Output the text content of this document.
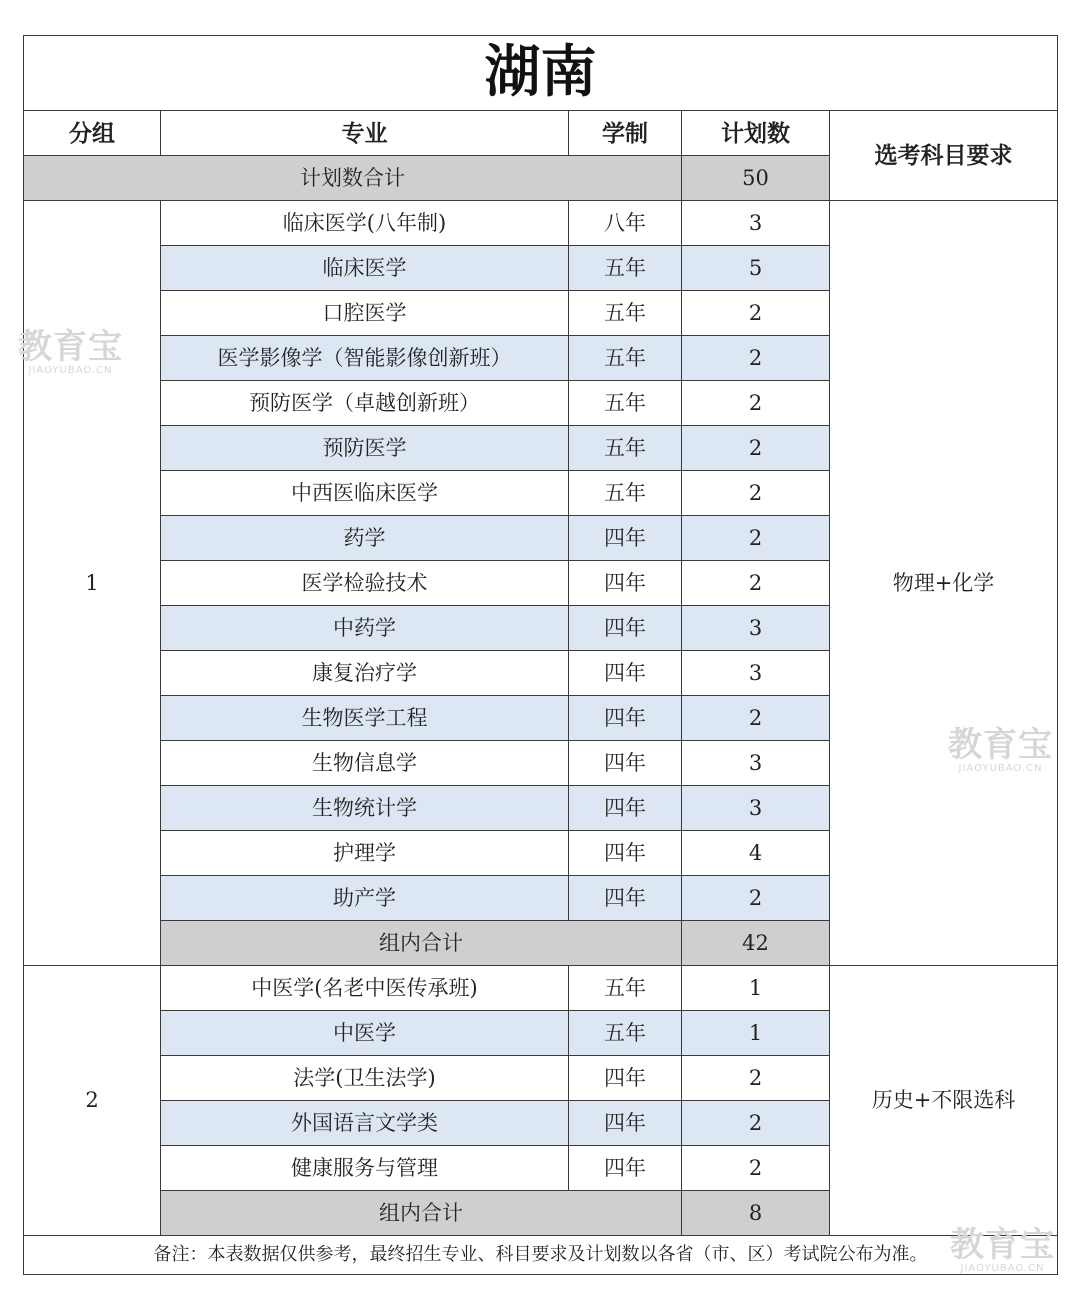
湖南				
分组	专业	学制	计划数	选考科目要求
计划数合计			50	
1	临床医学(八年制)	八年	3	物理+化学
	临床医学	五年	5	
	口腔医学	五年	2	
	医学影像学（智能影像创新班）	五年	2	
	预防医学（卓越创新班）	五年	2	
	预防医学	五年	2	
	中西医临床医学	五年	2	
	药学	四年	2	
	医学检验技术	四年	2	
	中药学	四年	3	
	康复治疗学	四年	3	
	生物医学工程	四年	2	
	生物信息学	四年	3	
	生物统计学	四年	3	
	护理学	四年	4	
	助产学	四年	2	
	组内合计		42	
2	中医学(名老中医传承班)	五年	1	历史+不限选科
	中医学	五年	1	
	法学(卫生法学)	四年	2	
	外国语言文学类	四年	2	
	健康服务与管理	四年	2	
	组内合计		8	
备注：本表数据仅供参考，最终招生专业、科目要求及计划数以各省（市、区）考试院公布为准。				
教育宝
JIAOYUBAO.CN
教育宝
JIAOYUBAO.CN
教育宝
JIAOYUBAO.CN
